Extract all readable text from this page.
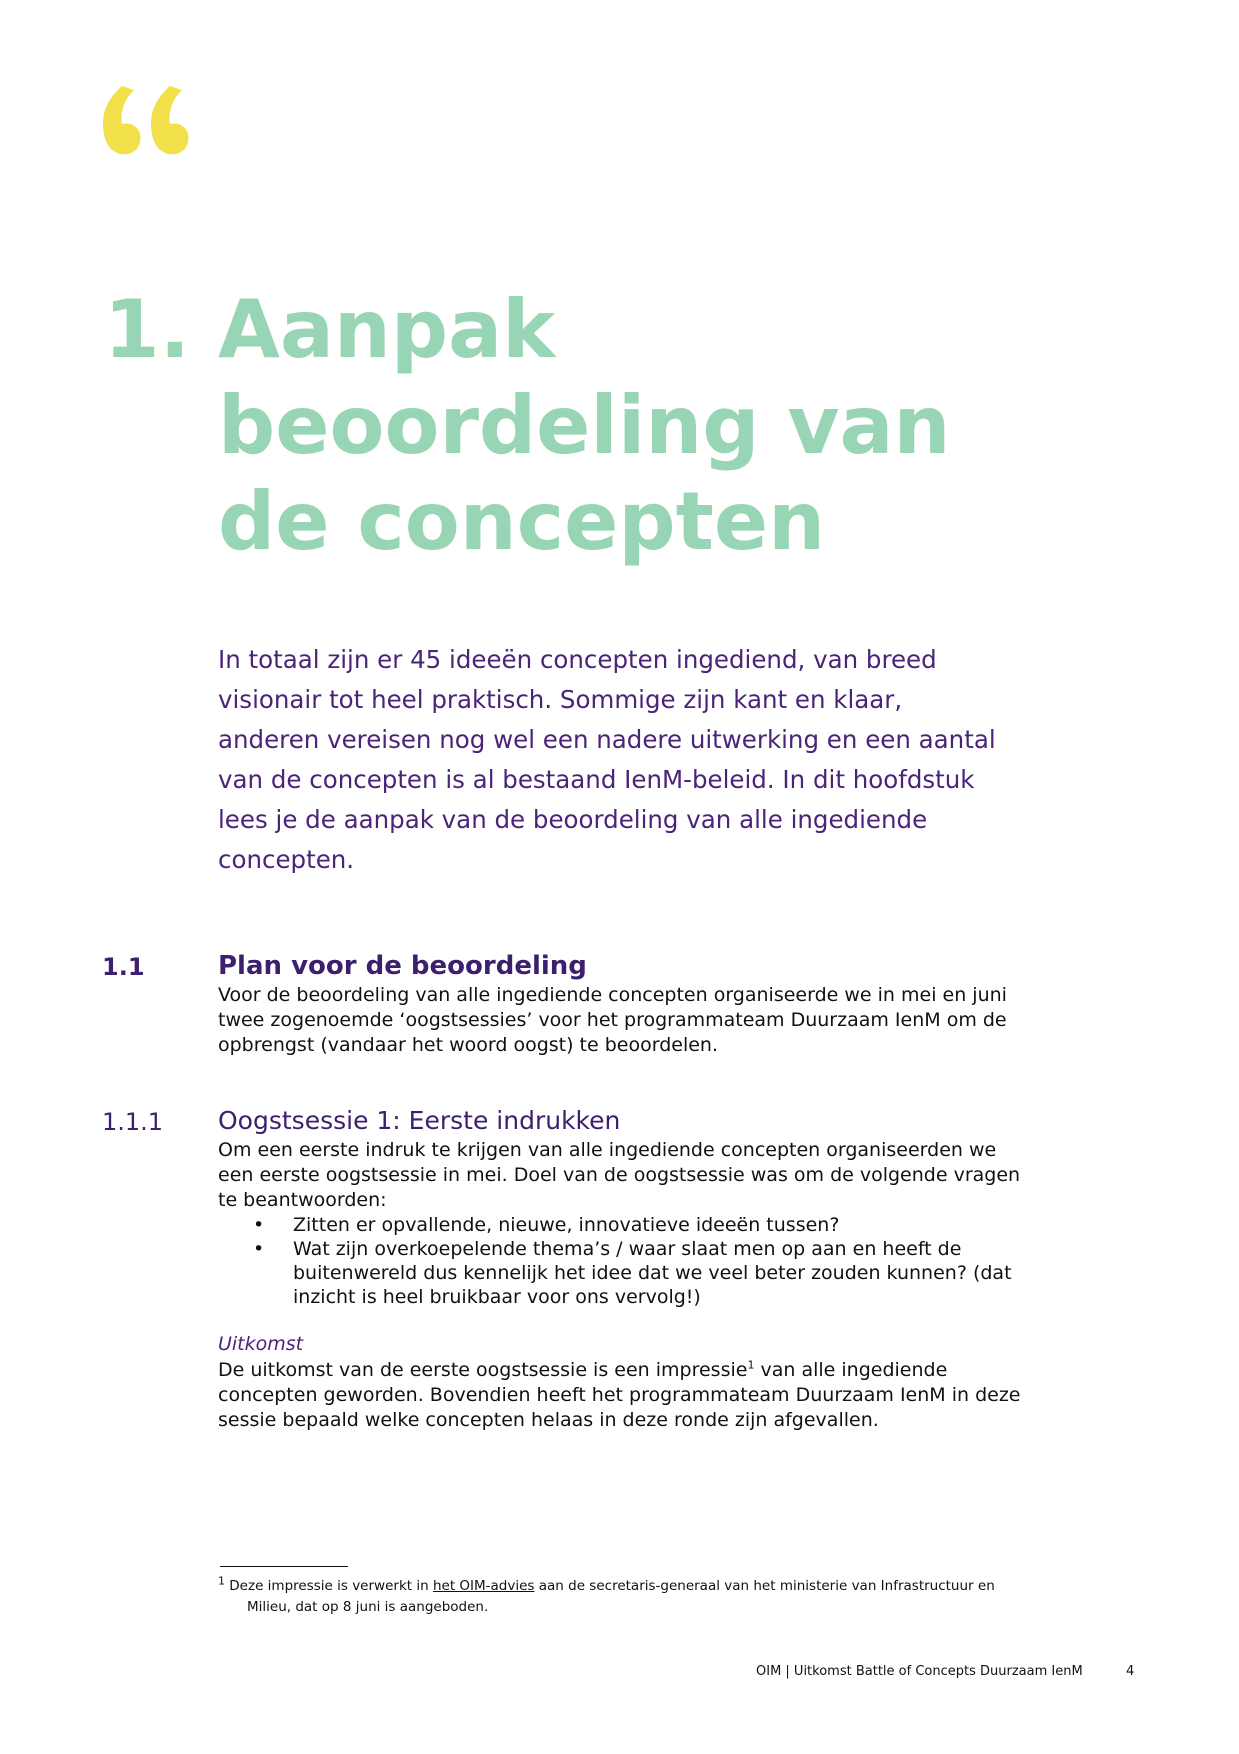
1. Aanpak
beoordeling van
de concepten
In totaal zijn er 45 ideeën concepten ingediend, van breed
visionair tot heel praktisch. Sommige zijn kant en klaar,
anderen vereisen nog wel een nadere uitwerking en een aantal
van de concepten is al bestaand IenM-beleid. In dit hoofdstuk
lees je de aanpak van de beoordeling van alle ingediende
concepten.
1.1	Plan voor de beoordeling
Voor de beoordeling van alle ingediende concepten organiseerde we in mei en juni
twee zogenoemde ‘oogstsessies’ voor het programmateam Duurzaam IenM om de
opbrengst (vandaar het woord oogst) te beoordelen.
1.1.1 Oogstsessie 1: Eerste indrukken
Om een eerste indruk te krijgen van alle ingediende concepten organiseerden we
een eerste oogstsessie in mei. Doel van de oogstsessie was om de volgende vragen
te beantwoorden:
• Zitten er opvallende, nieuwe, innovatieve ideeën tussen?
• Wat zijn overkoepelende thema’s / waar slaat men op aan en heeft de
buitenwereld dus kennelijk het idee dat we veel beter zouden kunnen? (dat
inzicht is heel bruikbaar voor ons vervolg!)
Uitkomst
De uitkomst van de eerste oogstsessie is een impressie$^1$ van alle ingediende
concepten geworden. Bovendien heeft het programmateam Duurzaam IenM in deze
sessie bepaald welke concepten helaas in deze ronde zijn afgevallen.
$^1$ Deze impressie is verwerkt in het OIM-advies aan de secretaris-generaal van het ministerie van Infrastructuur en
Milieu, dat op 8 juni is aangeboden.
OIM | Uitkomst Battle of Concepts Duurzaam IenM	4
